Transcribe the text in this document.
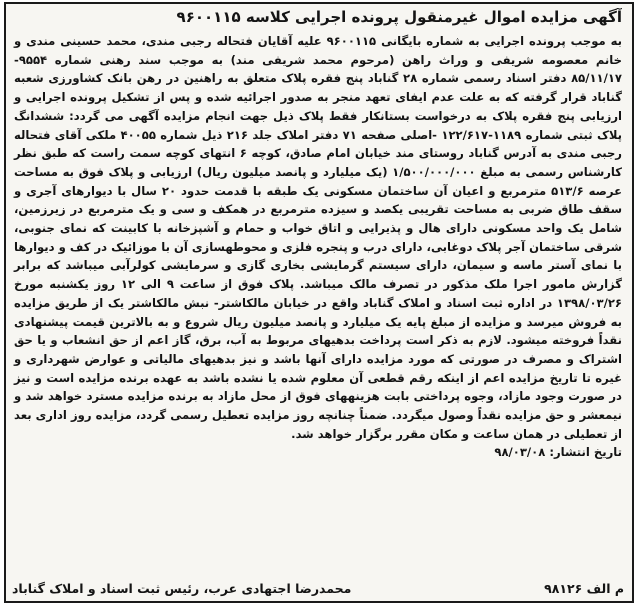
آگهی مزایده اموال غیرمنقول پرونده اجرایی کلاسه ۹۶۰۰۱۱۵

به موجب پرونده اجرایی به شماره بایگانی ۹۶۰۰۱۱۵ علیه آقایان فتحاله رجبی مندی، محمد حسینی مندی و خانم معصومه شریفی و وراث راهن (مرحوم محمد شریفی مند) به موجب سند رهنی شماره ۹۵۵۴- ۸۵/۱۱/۱۷ دفتر اسناد رسمی شماره ۲۸ گناباد پنج فقره پلاک متعلق به راهنین در رهن بانک کشاورزی شعبه گناباد قرار گرفته که به علت عدم ایفای تعهد منجر به صدور اجرائیه شده و پس از تشکیل پرونده اجرایی و ارزیابی پنج فقره پلاک به درخواست بستانکار فقط پلاک ذیل جهت انجام مزایده آگهی می گردد: ششدانگ پلاک ثبتی شماره ۱۱۸۹-۱۲۲/۶۱۷ -اصلی صفحه ۷۱ دفتر املاک جلد ۲۱۶ ذیل شماره ۴۰۰۵۵ ملکی آقای فتحاله رجبی مندی به آدرس گناباد روستای مند خیابان امام صادق، کوچه ۶ انتهای کوچه سمت راست که طبق نظر کارشناس رسمی به مبلغ ۱/۵۰۰/۰۰۰/۰۰۰ (یک میلیارد و پانصد میلیون ریال) ارزیابی و پلاک فوق به مساحت عرصه ۵۱۳/۶ مترمربع و اعیان آن ساختمان مسکونی یک طبقه با قدمت حدود ۲۰ سال با دیوارهای آجری و سقف طاق ضربی به مساحت تقریبی یکصد و سیزده مترمربع در همکف و سی و یک مترمربع در زیرزمین، شامل یک واحد مسکونی دارای هال و پذیرایی و اتاق خواب و حمام و آشپزخانه با کابینت که نمای جنوبی، شرقی ساختمان آجر پلاک دوغابی، دارای درب و پنجره فلزی و محوطهسازی آن با موزائیک در کف و دیوارها با نمای آستر ماسه و سیمان، دارای سیستم گرمایشی بخاری گازی و سرمایشی کولرآبی میباشد که برابر گزارش مامور اجرا ملک مذکور در تصرف مالک میباشد. پلاک فوق از ساعت ۹ الی ۱۲ روز یکشنبه مورخ ۱۳۹۸/۰۳/۲۶ در اداره ثبت اسناد و املاک گناباد واقع در خیابان مالکاشتر- نبش مالکاشتر یک از طریق مزایده به فروش میرسد و مزایده از مبلغ پایه یک میلیارد و پانصد میلیون ریال شروع و به بالاترین قیمت پیشنهادی نقداً فروخته میشود. لازم به ذکر است پرداخت بدهیهای مربوط به آب، برق، گاز اعم از حق انشعاب و یا حق اشتراک و مصرف در صورتی که مورد مزایده دارای آنها باشد و نیز بدهیهای مالیاتی و عوارض شهرداری و غیره تا تاریخ مزایده اعم از اینکه رقم قطعی آن معلوم شده یا نشده باشد به عهده برنده مزایده است و نیز در صورت وجود مازاد، وجوه پرداختی بابت هزینههای فوق از محل مازاد به برنده مزایده مسترد خواهد شد و نیمعشر و حق مزایده نقداً وصول میگردد. ضمناً چنانچه روز مزایده تعطیل رسمی گردد، مزایده روز اداری بعد از تعطیلی در همان ساعت و مکان مقرر برگزار خواهد شد.

تاریخ انتشار: ۹۸/۰۳/۰۸

م الف ۹۸۱۲۶
محمدرضا اجتهادی عرب، رئیس ثبت اسناد و املاک گناباد
